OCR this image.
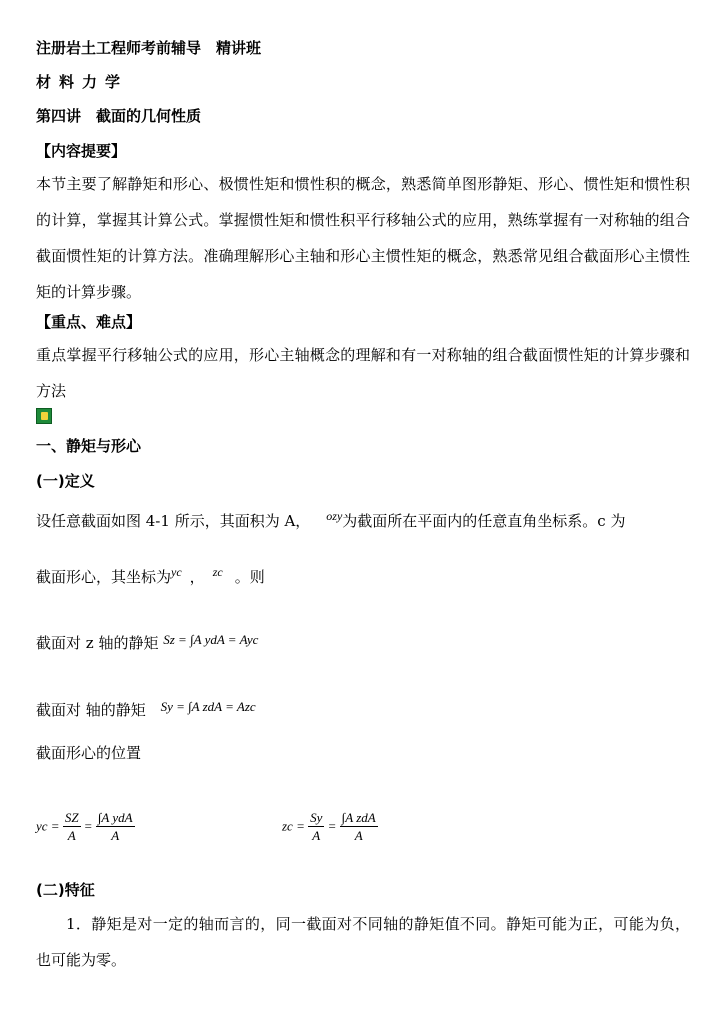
注册岩土工程师考前辅导　精讲班
材料力学
第四讲　截面的几何性质
【内容提要】
本节主要了解静矩和形心、极惯性矩和惯性积的概念，熟悉简单图形静矩、形心、惯性矩和惯性积的计算，掌握其计算公式。掌握惯性矩和惯性积平行移轴公式的应用，熟练掌握有一对称轴的组合截面惯性矩的计算方法。准确理解形心主轴和形心主惯性矩的概念，熟悉常见组合截面形心主惯性矩的计算步骤。
【重点、难点】
重点掌握平行移轴公式的应用，形心主轴概念的理解和有一对称轴的组合截面惯性矩的计算步骤和方法
一、静矩与形心
(一)定义
设任意截面如图 4-1 所示，其面积为 A， $^{ozy}$为截面所在平面内的任意直角坐标系。c 为
截面形心，其坐标为$^{yc}$ ， $^{zc}$ 。则
截面对 z 轴的静矩 Sz = ∫A ydA = Ayc
截面对 轴的静矩 Sy = ∫A zdA = Azc
截面形心的位置
yc = $\frac{SZ}{A} = \frac{\text{∫A ydA}}{A}$	zc = $\frac{Sy}{A} = \frac{\text{∫A zdA}}{A}$
(二)特征
1．静矩是对一定的轴而言的，同一截面对不同轴的静矩值不同。静矩可能为正，可能为负，也可能为零。
